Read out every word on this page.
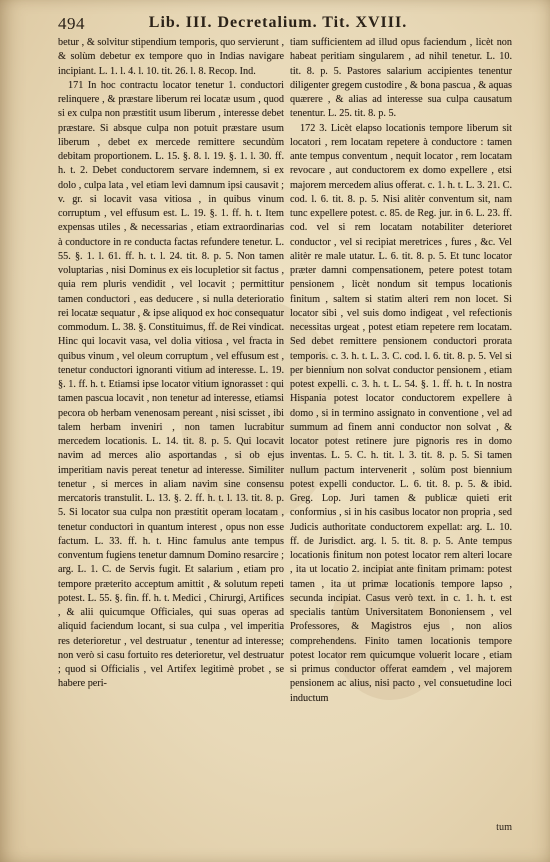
494	Lib. III. Decretalium. Tit. XVIII.

betur , & solvitur stipendium temporis, quo servierunt , & solùm debetur ex tempore quo in Indias navigare incipiant. L. 1. l. 4. l. 10. tit. 26. l. 8. Recop. Ind.

171 In hoc contractu locator tenetur 1. conductori relinquere , & præstare liberum rei locatæ usum , quod si ex culpa non præstitit usum liberum , interesse debet præstare. Si absque culpa non potuit præstare usum liberum , debet ex mercede remittere secundùm debitam proportionem. L. 15. §. 8. l. 19. §. 1. l. 30. ff. h. t. 2. Debet conductorem servare indemnem, si ex dolo , culpa lata , vel etiam levi damnum ipsi causavit ; v. gr. si locavit vasa vitiosa , in quibus vinum corruptum , vel effusum est. L. 19. §. 1. ff. h. t. Item expensas utiles , & necessarias , etiam extraordinarias à conductore in re conducta factas refundere tenetur. L. 55. §. 1. l. 61. ff. h. t. l. 24. tit. 8. p. 5. Non tamen voluptarias , nisi Dominus ex eis locupletior sit factus , quia rem pluris vendidit , vel locavit ; permittitur tamen conductori , eas deducere , si nulla deterioratio rei locatæ sequatur , & ipse aliquod ex hoc consequatur commodum. L. 38. §. Constituimus, ff. de Rei vindicat. Hinc qui locavit vasa, vel dolia vitiosa , vel fracta in quibus vinum , vel oleum corruptum , vel effusum est , tenetur conductori ignoranti vitium ad interesse. L. 19. §. 1. ff. h. t. Etiamsi ipse locator vitium ignorasset : qui tamen pascua locavit , non tenetur ad interesse, etiamsi pecora ob herbam venenosam pereant , nisi scisset , ibi talem herbam inveniri , non tamen lucrabitur mercedem locationis. L. 14. tit. 8. p. 5. Qui locavit navim ad merces alio asportandas , si ob ejus imperitiam navis pereat tenetur ad interesse. Similiter tenetur , si merces in aliam navim sine consensu mercatoris transtulit. L. 13. §. 2. ff. h. t. l. 13. tit. 8. p. 5. Si locator sua culpa non præstitit operam locatam , tenetur conductori in quantum interest , opus non esse factum. L. 33. ff. h. t. Hinc famulus ante tempus conventum fugiens tenetur damnum Domino resarcire ; arg. L. 1. C. de Servis fugit. Et salarium , etiam pro tempore præterito acceptum amittit , & solutum repeti potest. L. 55. §. fin. ff. h. t. Medici , Chirurgi, Artifices , & alii quicumque Officiales, qui suas operas ad aliquid faciendum locant, si sua culpa , vel imperitia res deterioretur , vel destruatur , tenentur ad interesse; non verò si casu fortuito res deterioretur, vel destruatur ; quod si Officialis , vel Artifex legitimè probet , se habere peri-

tiam sufficientem ad illud opus faciendum , licèt non habeat peritiam singularem , ad nihil tenetur. L. 10. tit. 8. p. 5. Pastores salarium accipientes tenentur diligenter gregem custodire , & bona pascua , & aquas quærere , & alias ad interesse sua culpa causatum tenentur. L. 25. tit. 8. p. 5.

172 3. Licèt elapso locationis tempore liberum sit locatori , rem locatam repetere à conductore : tamen ante tempus conventum , nequit locator , rem locatam revocare , aut conductorem ex domo expellere , etsi majorem mercedem alius offerat. c. 1. h. t. L. 3. 21. C. cod. l. 6. tit. 8. p. 5. Nisi alitèr conventum sit, nam tunc expellere potest. c. 85. de Reg. jur. in 6. L. 23. ff. cod. vel si rem locatam notabiliter deterioret conductor , vel si recipiat meretrices , fures , &c. Vel alitèr re male utatur. L. 6. tit. 8. p. 5. Et tunc locator præter damni compensationem, petere potest totam pensionem , licèt nondum sit tempus locationis finitum , saltem si statim alteri rem non locet. Si locator sibi , vel suis domo indigeat , vel refectionis necessitas urgeat , potest etiam repetere rem locatam. Sed debet remittere pensionem conductori prorata temporis. c. 3. h. t. L. 3. C. cod. l. 6. tit. 8. p. 5. Vel si per biennium non solvat conductor pensionem , etiam potest expelli. c. 3. h. t. L. 54. §. 1. ff. h. t. In nostra Hispania potest locator conductorem expellere à domo , si in termino assignato in conventione , vel ad summum ad finem anni conductor non solvat , & locator potest retinere jure pignoris res in domo inventas. L. 5. C. h. tit. l. 3. tit. 8. p. 5. Si tamen nullum pactum intervenerit , solùm post biennium potest expelli conductor. L. 6. tit. 8. p. 5. & ibid. Greg. Lop. Juri tamen & publicæ quieti erit conformius , si in his casibus locator non propria , sed Judicis authoritate conductorem expellat: arg. L. 10. ff. de Jurisdict. arg. l. 5. tit. 8. p. 5. Ante tempus locationis finitum non potest locator rem alteri locare , ita ut locatio 2. incipiat ante finitam primam: potest tamen , ita ut primæ locationis tempore lapso , secunda incipiat. Casus verò text. in c. 1. h. t. est specialis tantùm Universitatem Bononiensem , vel Professores, & Magistros ejus , non alios comprehendens. Finito tamen locationis tempore potest locator rem quicumque voluerit locare , etiam si primus conductor offerat eamdem , vel majorem pensionem ac alius, nisi pacto , vel consuetudine loci inductum

tum
